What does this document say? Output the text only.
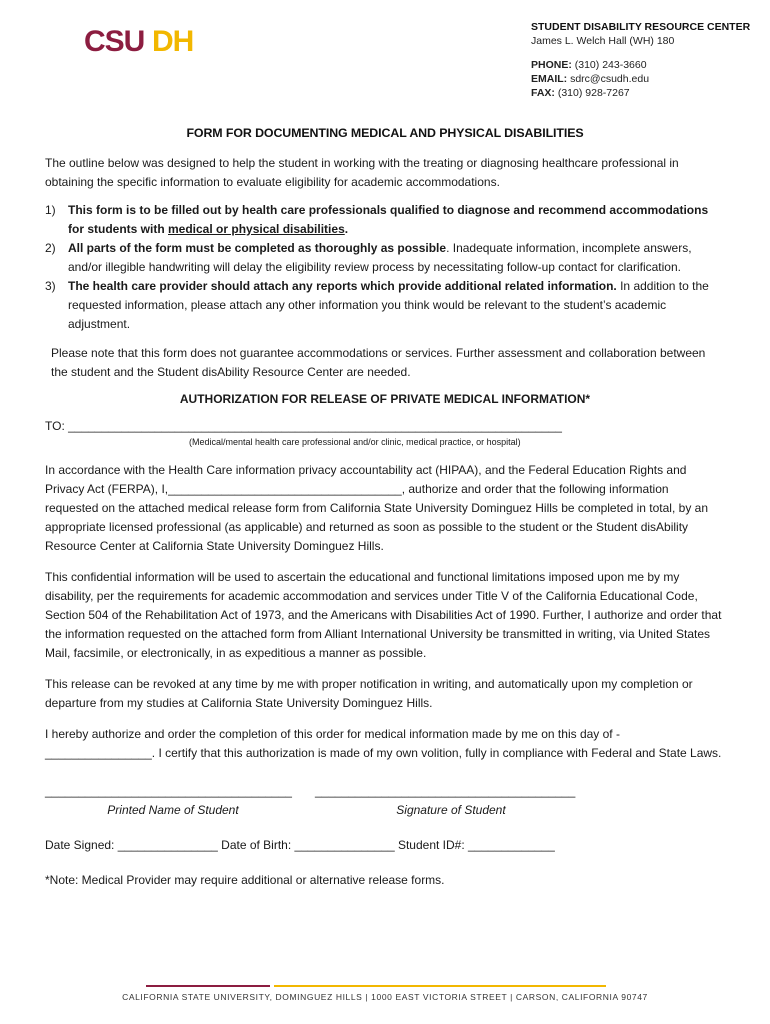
CSU DH	STUDENT DISABILITY RESOURCE CENTER
James L. Welch Hall (WH) 180
PHONE: (310) 243-3660
EMAIL: sdrc@csudh.edu
FAX: (310) 928-7267
FORM FOR DOCUMENTING MEDICAL AND PHYSICAL DISABILITIES

The outline below was designed to help the student in working with the treating or diagnosing healthcare professional in obtaining the specific information to evaluate eligibility for academic accommodations.

1) This form is to be filled out by health care professionals qualified to diagnose and recommend accommodations for students with medical or physical disabilities.
2) All parts of the form must be completed as thoroughly as possible. Inadequate information, incomplete answers, and/or illegible handwriting will delay the eligibility review process by necessitating follow-up contact for clarification.
3) The health care provider should attach any reports which provide additional related information. In addition to the requested information, please attach any other information you think would be relevant to the student’s academic adjustment.

Please note that this form does not guarantee accommodations or services. Further assessment and collaboration between the student and the Student disAbility Resource Center are needed.

AUTHORIZATION FOR RELEASE OF PRIVATE MEDICAL INFORMATION*

TO: __________________________________________________________________________

(Medical/mental health care professional and/or clinic, medical practice, or hospital)

In accordance with the Health Care information privacy accountability act (HIPAA), and the Federal Education Rights and Privacy Act (FERPA), I,___________________________________, authorize and order that the following information requested on the attached medical release form from California State University Dominguez Hills be completed in total, by an appropriate licensed professional (as applicable) and returned as soon as possible to the student or the Student disAbility Resource Center at California State University Dominguez Hills.

This confidential information will be used to ascertain the educational and functional limitations imposed upon me by my disability, per the requirements for academic accommodation and services under Title V of the California Educational Code, Section 504 of the Rehabilitation Act of 1973, and the Americans with Disabilities Act of 1990. Further, I authorize and order that the information requested on the attached form from Alliant International University be transmitted in writing, via United States Mail, facsimile, or electronically, in as expeditious a manner as possible.

This release can be revoked at any time by me with proper notification in writing, and automatically upon my completion or departure from my studies at California State University Dominguez Hills.

I hereby authorize and order the completion of this order for medical information made by me on this day of - ________________. I certify that this authorization is made of my own volition, fully in compliance with Federal and State Laws.

_____________________________________
Printed Name of Student
_______________________________________
Signature of Student

Date Signed: _______________ Date of Birth: _______________ Student ID#: _____________

*Note: Medical Provider may require additional or alternative release forms.

CALIFORNIA STATE UNIVERSITY, DOMINGUEZ HILLS | 1000 EAST VICTORIA STREET | CARSON, CALIFORNIA 90747
